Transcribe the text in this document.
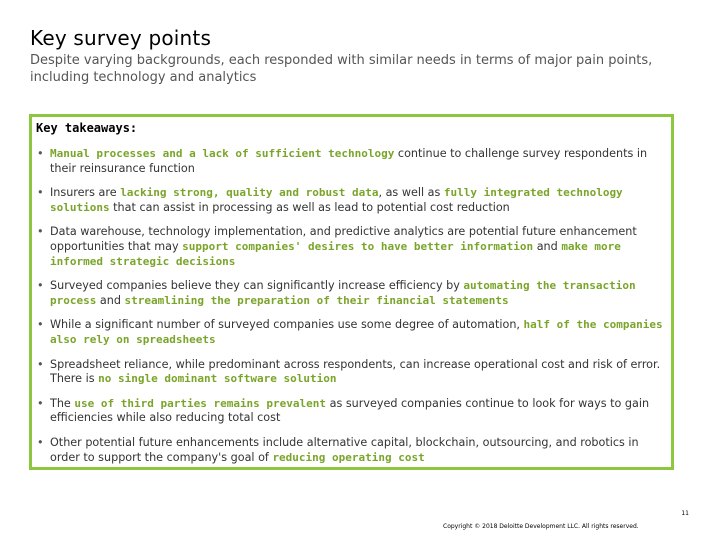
Key survey points

Despite varying backgrounds, each responded with similar needs in terms of major pain points, including technology and analytics

Key takeaways:
• Manual processes and a lack of sufficient technology continue to challenge survey respondents in their reinsurance function
• Insurers are lacking strong, quality and robust data, as well as fully integrated technology solutions that can assist in processing as well as lead to potential cost reduction
• Data warehouse, technology implementation, and predictive analytics are potential future enhancement opportunities that may support companies' desires to have better information and make more informed strategic decisions
• Surveyed companies believe they can significantly increase efficiency by automating the transaction process and streamlining the preparation of their financial statements
• While a significant number of surveyed companies use some degree of automation, half of the companies also rely on spreadsheets
• Spreadsheet reliance, while predominant across respondents, can increase operational cost and risk of error. There is no single dominant software solution
• The use of third parties remains prevalent as surveyed companies continue to look for ways to gain efficiencies while also reducing total cost
• Other potential future enhancements include alternative capital, blockchain, outsourcing, and robotics in order to support the company's goal of reducing operating cost
11
Copyright © 2018 Deloitte Development LLC. All rights reserved.
